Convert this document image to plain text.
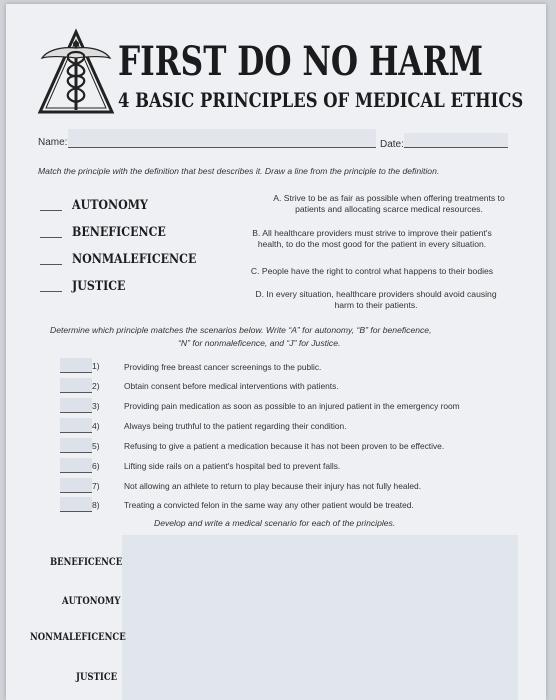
FIRST DO NO HARM
4 BASIC PRINCIPLES OF MEDICAL ETHICS
Name:	Date:
Match the principle with the definition that best describes it. Draw a line from the principle to the definition.
AUTONOMY
BENEFICENCE
NONMALEFICENCE
JUSTICE
A. Strive to be as fair as possible when offering treatments to
patients and allocating scarce medical resources.
B. All healthcare providers must strive to improve their patient's
health, to do the most good for the patient in every situation.
C. People have the right to control what happens to their bodies
D. In every situation, healthcare providers should avoid causing
harm to their patients.
Determine which principle matches the scenarios below. Write “A” for autonomy, “B” for beneficence,
“N” for nonmaleficence, and “J” for Justice.
1)	Providing free breast cancer screenings to the public.
2)	Obtain consent before medical interventions with patients.
3)	Providing pain medication as soon as possible to an injured patient in the emergency room
4)	Always being truthful to the patient regarding their condition.
5)	Refusing to give a patient a medication because it has not been proven to be effective.
6)	Lifting side rails on a patient's hospital bed to prevent falls.
7)	Not allowing an athlete to return to play because their injury has not fully healed.
8)	Treating a convicted felon in the same way any other patient would be treated.
Develop and write a medical scenario for each of the principles.
BENEFICENCE
AUTONOMY
NONMALEFICENCE
JUSTICE
